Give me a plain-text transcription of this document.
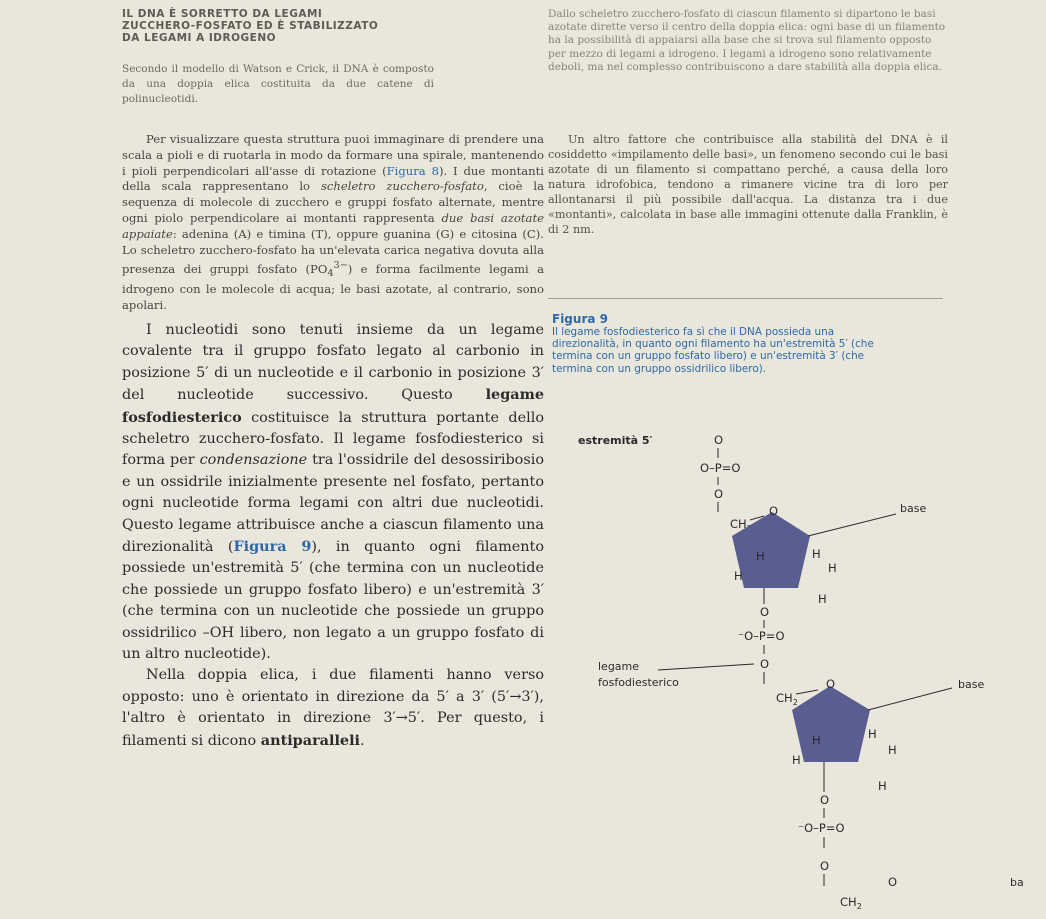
IL DNA È SORRETTO DA LEGAMI
ZUCCHERO-FOSFATO ED È STABILIZZATO
DA LEGAMI A IDROGENO

Secondo il modello di Watson e Crick, il DNA è composto da una doppia elica costituita da due catene di polinucleotidi.

Dallo scheletro zucchero-fosfato di ciascun filamento si dipartono le basi azotate dirette verso il centro della doppia elica: ogni base di un filamento ha la possibilità di appaiarsi alla base che si trova sul filamento opposto per mezzo di legami a idrogeno. I legami a idrogeno sono relativamente deboli, ma nel complesso contribuiscono a dare stabilità alla doppia elica.

Un altro fattore che contribuisce alla stabilità del DNA è il cosiddetto «impilamento delle basi», un fenomeno secondo cui le basi azotate di un filamento si compattano perché, a causa della loro natura idrofobica, tendono a rimanere vicine tra di loro per allontanarsi il più possibile dall'acqua. La distanza tra i due «montanti», calcolata in base alle immagini ottenute dalla Franklin, è di 2 nm.

Per visualizzare questa struttura puoi immaginare di prendere una scala a pioli e di ruotarla in modo da formare una spirale, mantenendo i pioli perpendicolari all'asse di rotazione (Figura 8). I due montanti della scala rappresentano lo scheletro zucchero-fosfato, cioè la sequenza di molecole di zucchero e gruppi fosfato alternate, mentre ogni piolo perpendicolare ai montanti rappresenta due basi azotate appaiate: adenina (A) e timina (T), oppure guanina (G) e citosina (C). Lo scheletro zucchero-fosfato ha un'elevata carica negativa dovuta alla presenza dei gruppi fosfato $(PO_4^{3-})$ e forma facilmente legami a idrogeno con le molecole di acqua; le basi azotate, al contrario, sono apolari.

I nucleotidi sono tenuti insieme da un legame covalente tra il gruppo fosfato legato al carbonio in posizione 5′ di un nucleotide e il carbonio in posizione 3′ del nucleotide successivo. Questo legame fosfodiesterico costituisce la struttura portante dello scheletro zucchero-fosfato. Il legame fosfodiesterico si forma per condensazione tra l'ossidrile del desossiribosio e un ossidrile inizialmente presente nel fosfato, pertanto ogni nucleotide forma legami con altri due nucleotidi. Questo legame attribuisce anche a ciascun filamento una direzionalità (Figura 9), in quanto ogni filamento possiede un'estremità 5′ (che termina con un nucleotide che possiede un gruppo fosfato libero) e un'estremità 3′ (che termina con un nucleotide che possiede un gruppo ossidrilico –OH libero, non legato a un gruppo fosfato di un altro nucleotide).

Nella doppia elica, i due filamenti hanno verso opposto: uno è orientato in direzione da 5′ a 3′ (5′→3′), l'altro è orientato in direzione 3′→5′. Per questo, i filamenti si dicono antiparalleli.

Figura 9

Il legame fosfodiesterico fa sì che il DNA possieda una direzionalità, in quanto ogni filamento ha un'estremità 5′ (che termina con un gruppo fosfato libero) e un'estremità 3′ (che termina con un gruppo ossidrilico libero).

estremità 5′	O
O–P=O
O
CH
O	base
H	H
H
H
H
O
⁻O–P=O
O
legame
fosfodiesterico
$CH_2$
O	base
H	H
H
H
H
O
⁻O–P=O
O
$CH_2$
O	ba
